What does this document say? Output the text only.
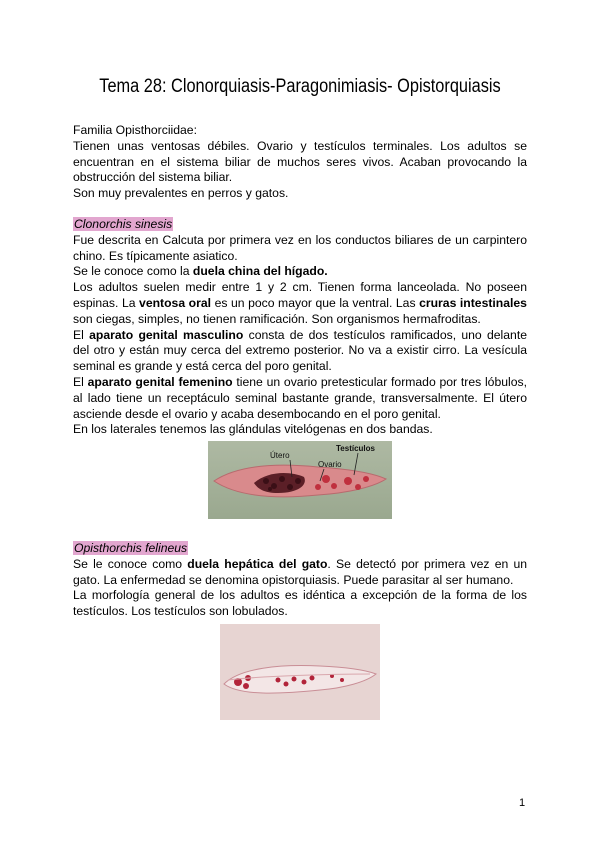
Tema 28: Clonorquiasis-Paragonimiasis- Opistorquiasis
Familia Opisthorciidae:
Tienen unas ventosas débiles. Ovario y testículos terminales. Los adultos se encuentran en el sistema biliar de muchos seres vivos. Acaban provocando la obstrucción del sistema biliar.
Son muy prevalentes en perros y gatos.
Clonorchis sinesis
Fue descrita en Calcuta por primera vez en los conductos biliares de un carpintero chino. Es típicamente asiatico.
Se le conoce como la duela china del hígado.
Los adultos suelen medir entre 1 y 2 cm. Tienen forma lanceolada. No poseen espinas. La ventosa oral es un poco mayor que la ventral. Las cruras intestinales son ciegas, simples, no tienen ramificación. Son organismos hermafroditas.
El aparato genital masculino consta de dos testículos ramificados, uno delante del otro y están muy cerca del extremo posterior. No va a existir cirro. La vesícula seminal es grande y está cerca del poro genital.
El aparato genital femenino tiene un ovario pretesticular formado por tres lóbulos, al lado tiene un receptáculo seminal bastante grande, transversalmente. El útero asciende desde el ovario y acaba desembocando en el poro genital.
En los laterales tenemos las glándulas vitelógenas en dos bandas.
Útero
Ovario
Testículos
Opisthorchis felineus
Se le conoce como duela hepática del gato. Se detectó por primera vez en un gato. La enfermedad se denomina opistorquiasis. Puede parasitar al ser humano.
La morfología general de los adultos es idéntica a excepción de la forma de los testículos. Los testículos son lobulados.
1
